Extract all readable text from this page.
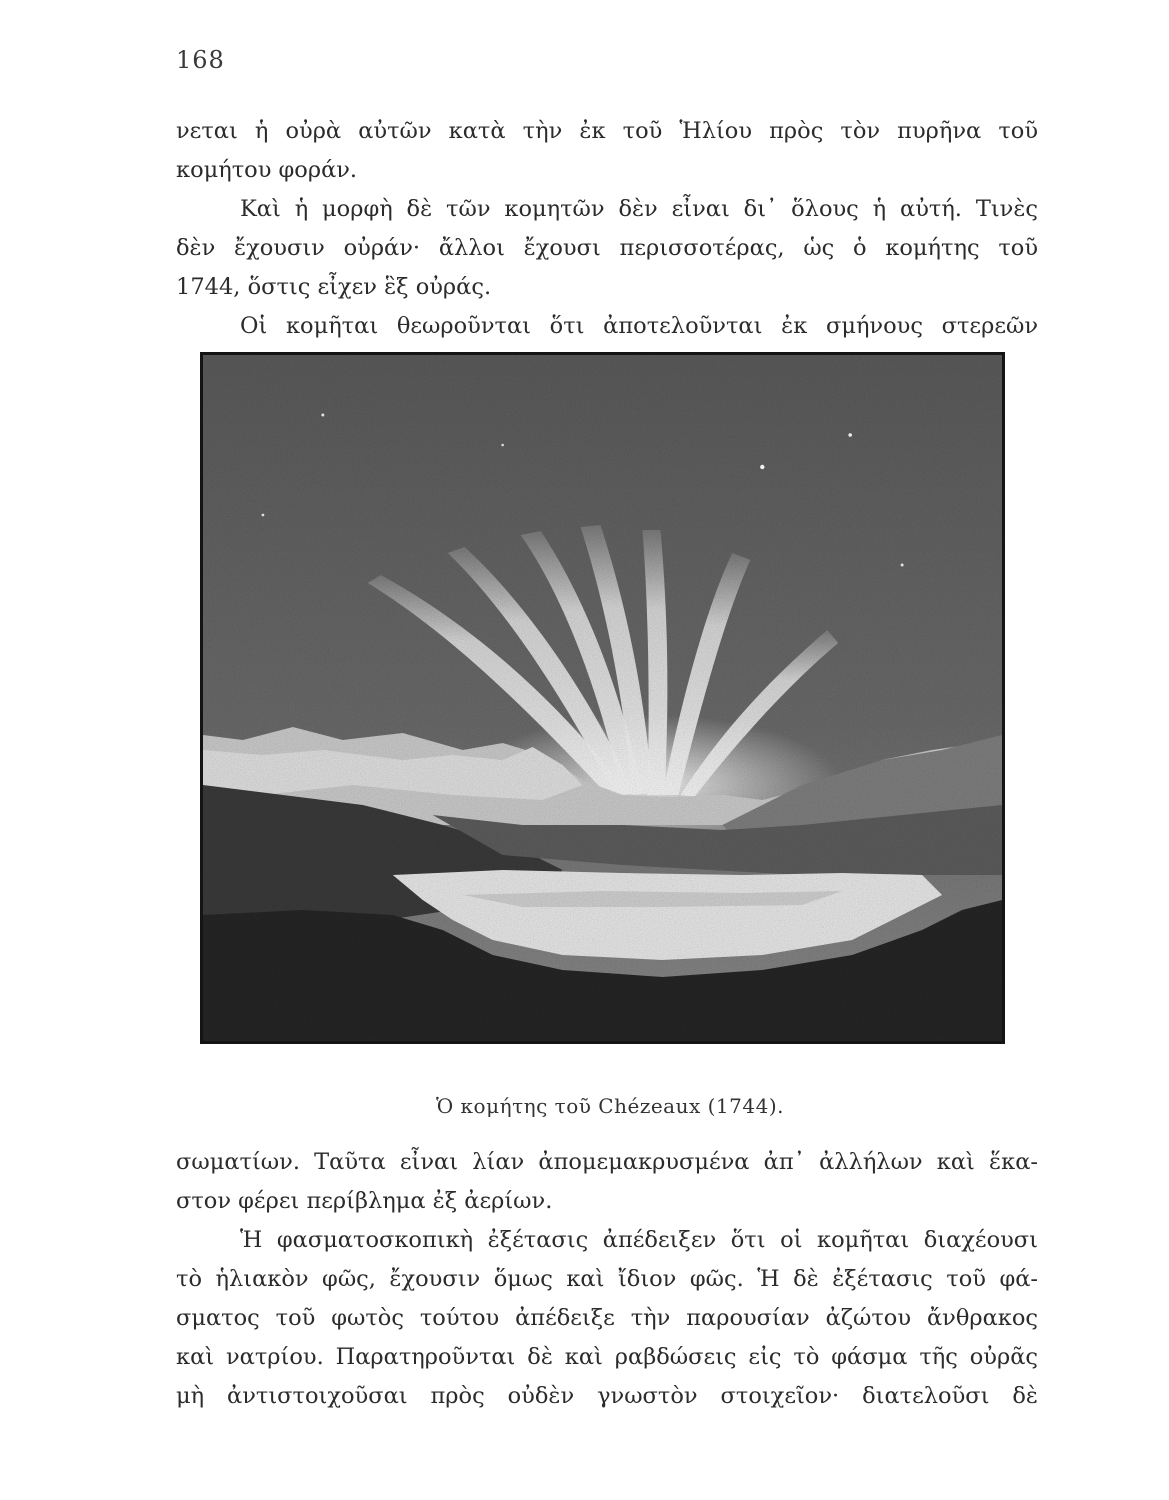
168
νεται ἡ οὐρὰ αὐτῶν κατὰ τὴν ἐκ τοῦ Ἡλίου πρὸς τὸν πυρῆνα τοῦ
κομήτου φοράν.
Καὶ ἡ μορφὴ δὲ τῶν κομητῶν δὲν εἶναι δι᾽ ὅλους ἡ αὐτή. Τινὲς
δὲν ἔχουσιν οὐράν· ἄλλοι ἔχουσι περισσοτέρας, ὡς ὁ κομήτης τοῦ
1744, ὅστις εἶχεν ἓξ οὐράς.
Οἱ κομῆται θεωροῦνται ὅτι ἀποτελοῦνται ἐκ σμήνους στερεῶν
Ὁ κομήτης τοῦ Chézeaux (1744).
σωματίων. Ταῦτα εἶναι λίαν ἀπομεμακρυσμένα ἀπ᾽ ἀλλήλων καὶ ἕκα-
στον φέρει περίβλημα ἐξ ἀερίων.
Ἡ φασματοσκοπικὴ ἐξέτασις ἀπέδειξεν ὅτι οἱ κομῆται διαχέουσι
τὸ ἡλιακὸν φῶς, ἔχουσιν ὅμως καὶ ἴδιον φῶς. Ἡ δὲ ἐξέτασις τοῦ φά-
σματος τοῦ φωτὸς τούτου ἀπέδειξε τὴν παρουσίαν ἀζώτου ἄνθρακος
καὶ νατρίου. Παρατηροῦνται δὲ καὶ ραβδώσεις εἰς τὸ φάσμα τῆς οὐρᾶς
μὴ ἀντιστοιχοῦσαι πρὸς οὐδὲν γνωστὸν στοιχεῖον· διατελοῦσι δὲ
